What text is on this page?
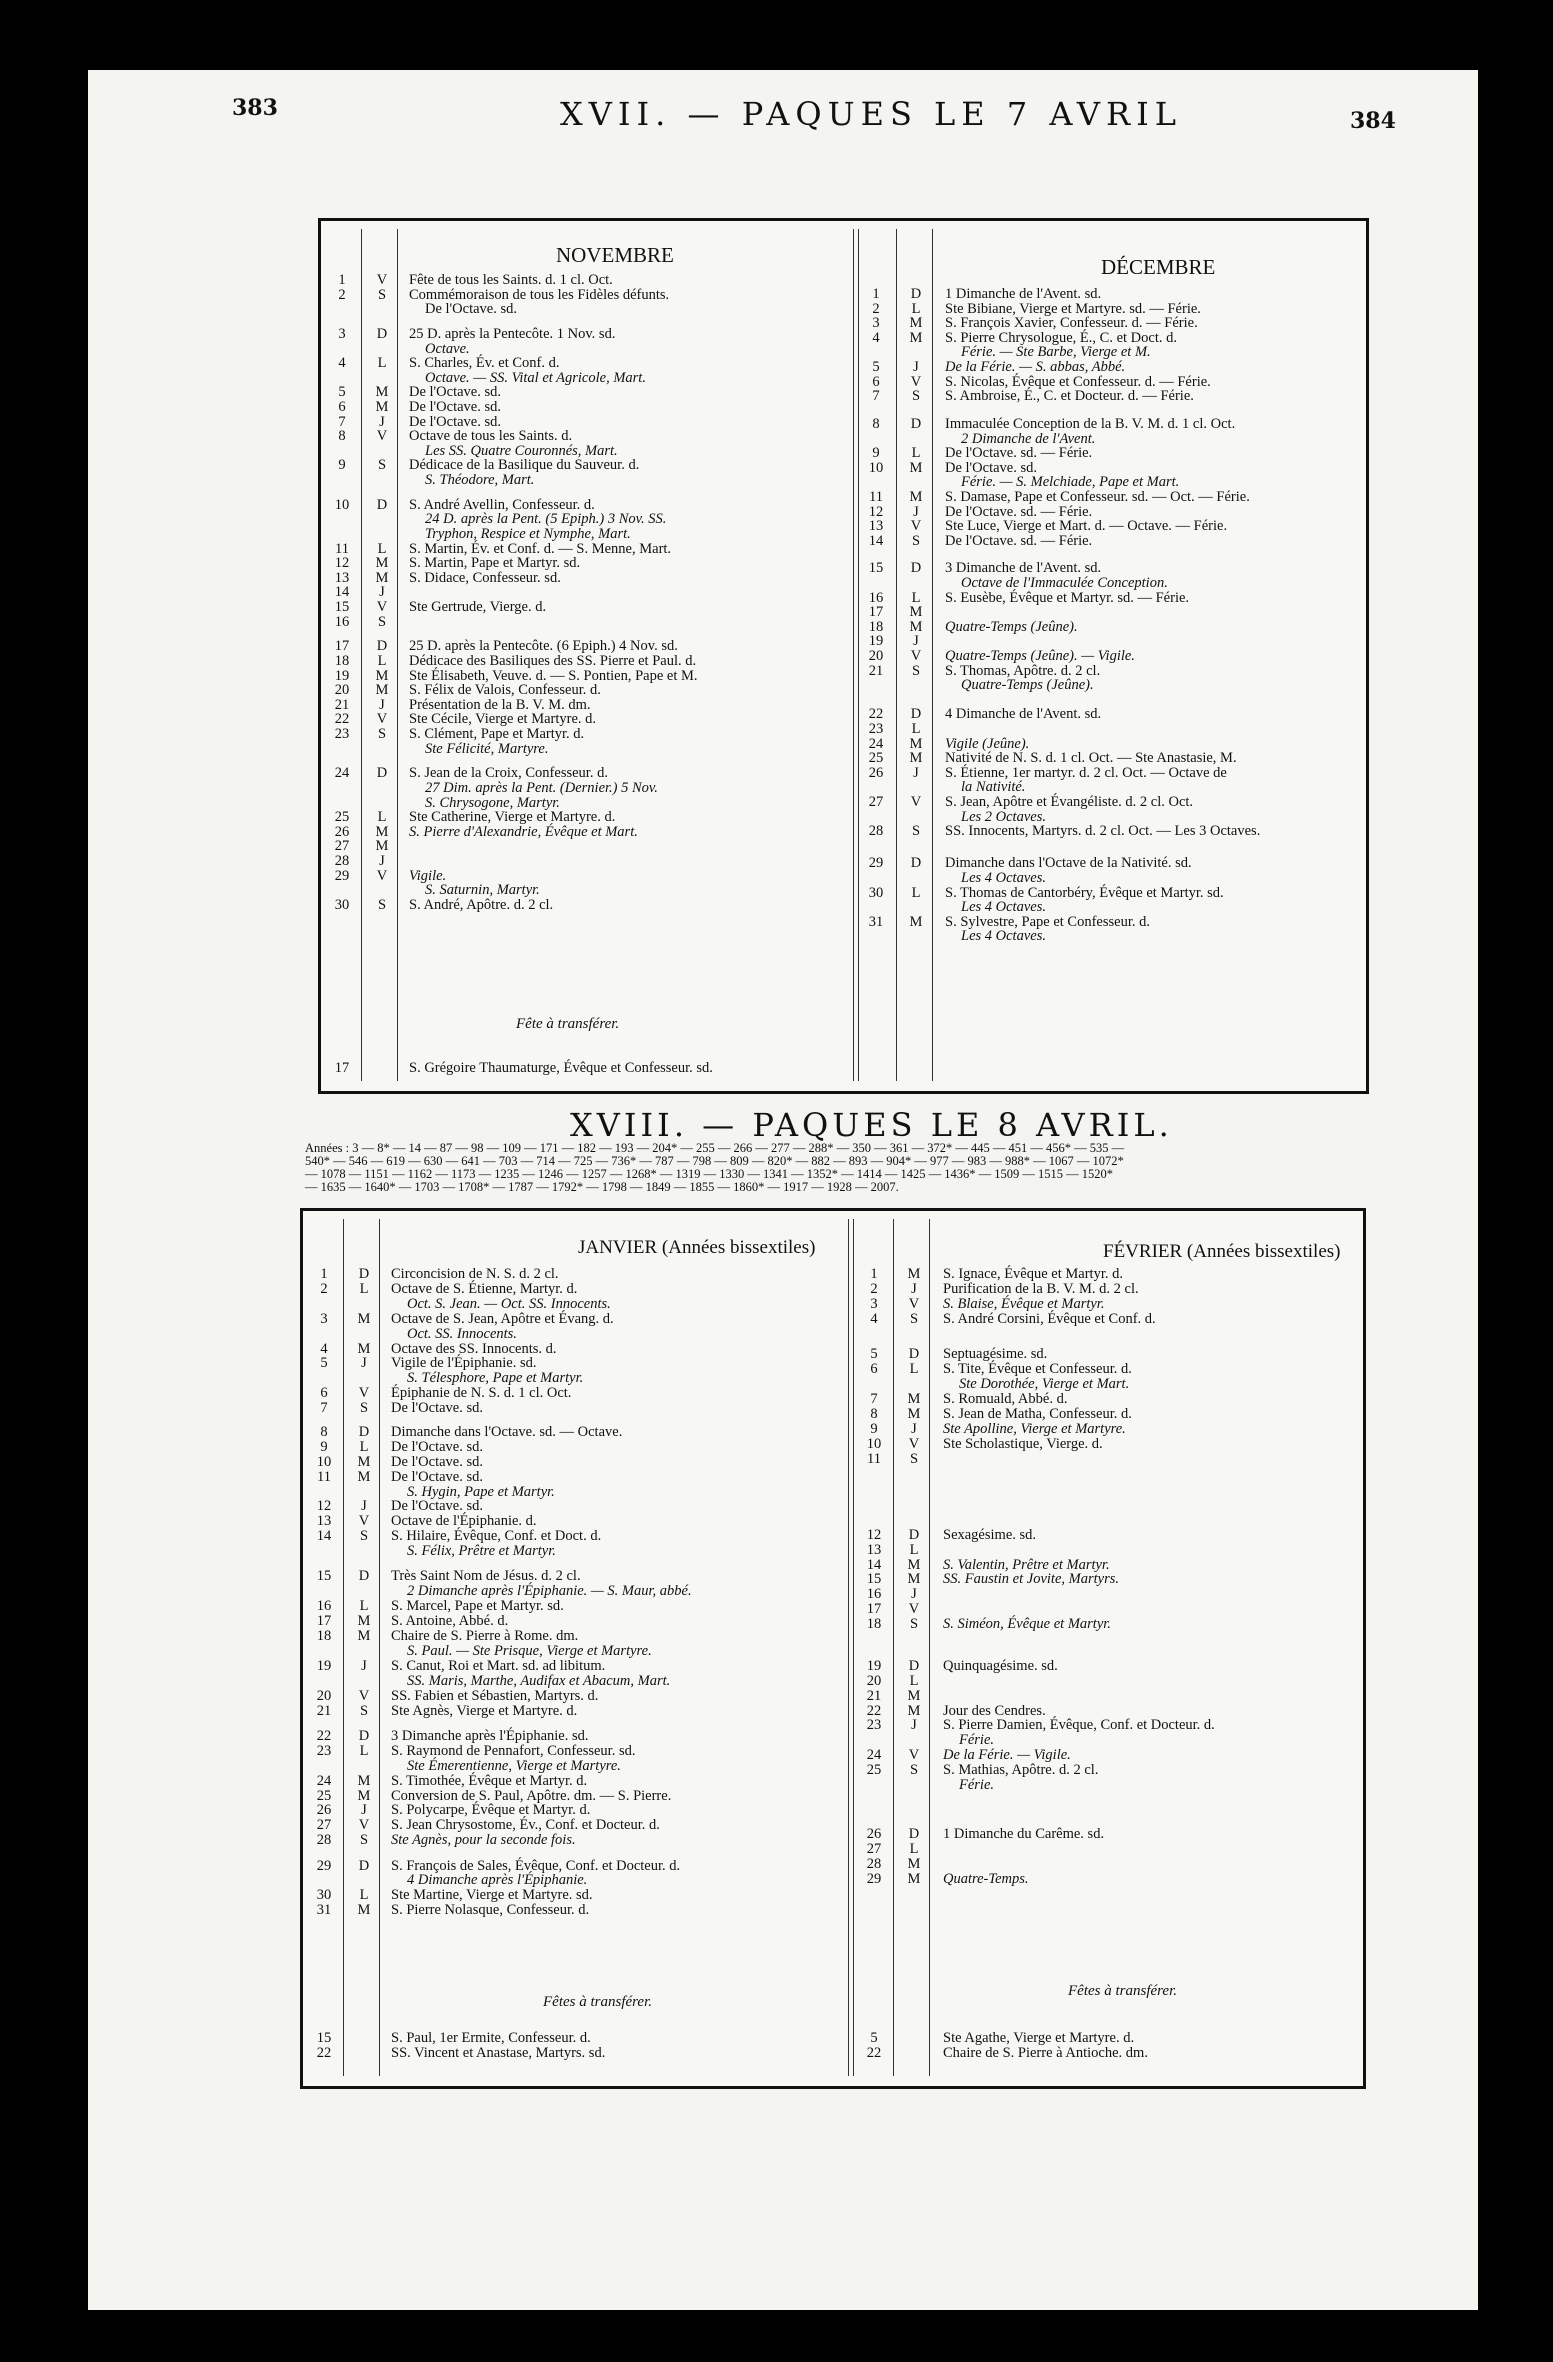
383	XVII. — PAQUES LE 7 AVRIL	384
NOVEMBRE	DÉCEMBRE
1	V	Fête de tous les Saints. d. 1 cl. Oct.
2	S	Commémoraison de tous les Fidèles défunts.
De l'Octave. sd.
3	D	25 D. après la Pentecôte. 1 Nov. sd.
Octave.
4	L	S. Charles, Év. et Conf. d.
Octave. — SS. Vital et Agricole, Mart.
5	M De l'Octave. sd.
6	M De l'Octave. sd.
7	J	De l'Octave. sd.
8	V	Octave de tous les Saints. d.
Les SS. Quatre Couronnés, Mart.
9	S	Dédicace de la Basilique du Sauveur. d.
S. Théodore, Mart.
10	D	S. André Avellin, Confesseur. d.
24 D. après la Pent. (5 Epiph.) 3 Nov. SS.
Tryphon, Respice et Nymphe, Mart.
11	L	S. Martin, Év. et Conf. d. — S. Menne, Mart.
12	M S. Martin, Pape et Martyr. sd.
13	M S. Didace, Confesseur. sd.
14	J
15	V	Ste Gertrude, Vierge. d.
16	S
17	D	25 D. après la Pentecôte. (6 Epiph.) 4 Nov. sd.
18	L	Dédicace des Basiliques des SS. Pierre et Paul. d.
19	M Ste Élisabeth, Veuve. d. — S. Pontien, Pape et M.
20	M S. Félix de Valois, Confesseur. d.
21	J	Présentation de la B. V. M. dm.
22	V	Ste Cécile, Vierge et Martyre. d.
23	S	S. Clément, Pape et Martyr. d.
Ste Félicité, Martyre.
24	D	S. Jean de la Croix, Confesseur. d.
27 Dim. après la Pent. (Dernier.) 5 Nov.
S. Chrysogone, Martyr.
25	L	Ste Catherine, Vierge et Martyre. d.
26	M S. Pierre d'Alexandrie, Évêque et Mart.
27	M
28	J
29	V	Vigile.
S. Saturnin, Martyr.
30	S	S. André, Apôtre. d. 2 cl.
1	D	1 Dimanche de l'Avent. sd.
2	L	Ste Bibiane, Vierge et Martyre. sd. — Férie.
3	M S. François Xavier, Confesseur. d. — Férie.
4	M S. Pierre Chrysologue, É., C. et Doct. d.
Férie. — Ste Barbe, Vierge et M.
5	J	De la Férie. — S. abbas, Abbé.
6	V	S. Nicolas, Évêque et Confesseur. d. — Férie.
7	S	S. Ambroise, É., C. et Docteur. d. — Férie.
8	D	Immaculée Conception de la B. V. M. d. 1 cl. Oct.
2 Dimanche de l'Avent.
9	L	De l'Octave. sd. — Férie.
10	M De l'Octave. sd.
Férie. — S. Melchiade, Pape et Mart.
11	M S. Damase, Pape et Confesseur. sd. — Oct. — Férie.
12	J	De l'Octave. sd. — Férie.
13	V	Ste Luce, Vierge et Mart. d. — Octave. — Férie.
14	S	De l'Octave. sd. — Férie.
15	D	3 Dimanche de l'Avent. sd.
Octave de l'Immaculée Conception.
16	L	S. Eusèbe, Évêque et Martyr. sd. — Férie.
17	M
18	M Quatre-Temps (Jeûne).
19	J
20	V	Quatre-Temps (Jeûne). — Vigile.
21	S	S. Thomas, Apôtre. d. 2 cl.
Quatre-Temps (Jeûne).
22	D	4 Dimanche de l'Avent. sd.
23	L
24	M Vigile (Jeûne).
25	M Nativité de N. S. d. 1 cl. Oct. — Ste Anastasie, M.
26	J	S. Étienne, 1er martyr. d. 2 cl. Oct. — Octave de
la Nativité.
27	V	S. Jean, Apôtre et Évangéliste. d. 2 cl. Oct.
Les 2 Octaves.
28	S	SS. Innocents, Martyrs. d. 2 cl. Oct. — Les 3 Octaves.
29	D	Dimanche dans l'Octave de la Nativité. sd.
Les 4 Octaves.
30	L	S. Thomas de Cantorbéry, Évêque et Martyr. sd.
Les 4 Octaves.
31	M S. Sylvestre, Pape et Confesseur. d.
Les 4 Octaves.
Fête à transférer.
17	S. Grégoire Thaumaturge, Évêque et Confesseur. sd.
XVIII. — PAQUES LE 8 AVRIL.
Années : 3 — 8* — 14 — 87 — 98 — 109 — 171 — 182 — 193 — 204* — 255 — 266 — 277 — 288* — 350 — 361 — 372* — 445 — 451 — 456* — 535 —
540* — 546 — 619 — 630 — 641 — 703 — 714 — 725 — 736* — 787 — 798 — 809 — 820* — 882 — 893 — 904* — 977 — 983 — 988* — 1067 — 1072*
— 1078 — 1151 — 1162 — 1173 — 1235 — 1246 — 1257 — 1268* — 1319 — 1330 — 1341 — 1352* — 1414 — 1425 — 1436* — 1509 — 1515 — 1520*
— 1635 — 1640* — 1703 — 1708* — 1787 — 1792* — 1798 — 1849 — 1855 — 1860* — 1917 — 1928 — 2007.
JANVIER (Années bissextiles)	FÉVRIER (Années bissextiles)
1	D	Circoncision de N. S. d. 2 cl.
2	L	Octave de S. Étienne, Martyr. d.
Oct. S. Jean. — Oct. SS. Innocents.
3	M Octave de S. Jean, Apôtre et Évang. d.
Oct. SS. Innocents.
4	M Octave des SS. Innocents. d.
5	J	Vigile de l'Épiphanie. sd.
S. Télesphore, Pape et Martyr.
6	V	Épiphanie de N. S. d. 1 cl. Oct.
7	S	De l'Octave. sd.
8	D	Dimanche dans l'Octave. sd. — Octave.
9	L	De l'Octave. sd.
10	M De l'Octave. sd.
11	M De l'Octave. sd.
S. Hygin, Pape et Martyr.
12	J	De l'Octave. sd.
13	V	Octave de l'Épiphanie. d.
14	S	S. Hilaire, Évêque, Conf. et Doct. d.
S. Félix, Prêtre et Martyr.
15	D	Très Saint Nom de Jésus. d. 2 cl.
2 Dimanche après l'Épiphanie. — S. Maur, abbé.
16	L	S. Marcel, Pape et Martyr. sd.
17	M S. Antoine, Abbé. d.
18	M Chaire de S. Pierre à Rome. dm.
S. Paul. — Ste Prisque, Vierge et Martyre.
19	J	S. Canut, Roi et Mart. sd. ad libitum.
SS. Maris, Marthe, Audifax et Abacum, Mart.
20	V	SS. Fabien et Sébastien, Martyrs. d.
21	S	Ste Agnès, Vierge et Martyre. d.
22	D	3 Dimanche après l'Épiphanie. sd.
23	L	S. Raymond de Pennafort, Confesseur. sd.
Ste Émerentienne, Vierge et Martyre.
24	M S. Timothée, Évêque et Martyr. d.
25	M Conversion de S. Paul, Apôtre. dm. — S. Pierre.
26	J	S. Polycarpe, Évêque et Martyr. d.
27	V	S. Jean Chrysostome, Év., Conf. et Docteur. d.
28	S	Ste Agnès, pour la seconde fois.
29	D	S. François de Sales, Évêque, Conf. et Docteur. d.
4 Dimanche après l'Épiphanie.
30	L	Ste Martine, Vierge et Martyre. sd.
31	M S. Pierre Nolasque, Confesseur. d.
1	M S. Ignace, Évêque et Martyr. d.
2	J	Purification de la B. V. M. d. 2 cl.
3	V	S. Blaise, Évêque et Martyr.
4	S	S. André Corsini, Évêque et Conf. d.
5	D	Septuagésime. sd.
6	L	S. Tite, Évêque et Confesseur. d.
Ste Dorothée, Vierge et Mart.
7	M S. Romuald, Abbé. d.
8	M S. Jean de Matha, Confesseur. d.
9	J	Ste Apolline, Vierge et Martyre.
10	V	Ste Scholastique, Vierge. d.
11	S
12	D	Sexagésime. sd.
13	L
14	M S. Valentin, Prêtre et Martyr.
15	M SS. Faustin et Jovite, Martyrs.
16	J
17	V
18	S	S. Siméon, Évêque et Martyr.
19	D	Quinquagésime. sd.
20	L
21	M
22	M Jour des Cendres.
23	J	S. Pierre Damien, Évêque, Conf. et Docteur. d.
Férie.
24	V	De la Férie. — Vigile.
25	S	S. Mathias, Apôtre. d. 2 cl.
Férie.
26	D	1 Dimanche du Carême. sd.
27	L
28	M
29	M Quatre-Temps.
Fêtes à transférer.
Fêtes à transférer.
15	S. Paul, 1er Ermite, Confesseur. d.
22	SS. Vincent et Anastase, Martyrs. sd.
5	Ste Agathe, Vierge et Martyre. d.
22	Chaire de S. Pierre à Antioche. dm.
